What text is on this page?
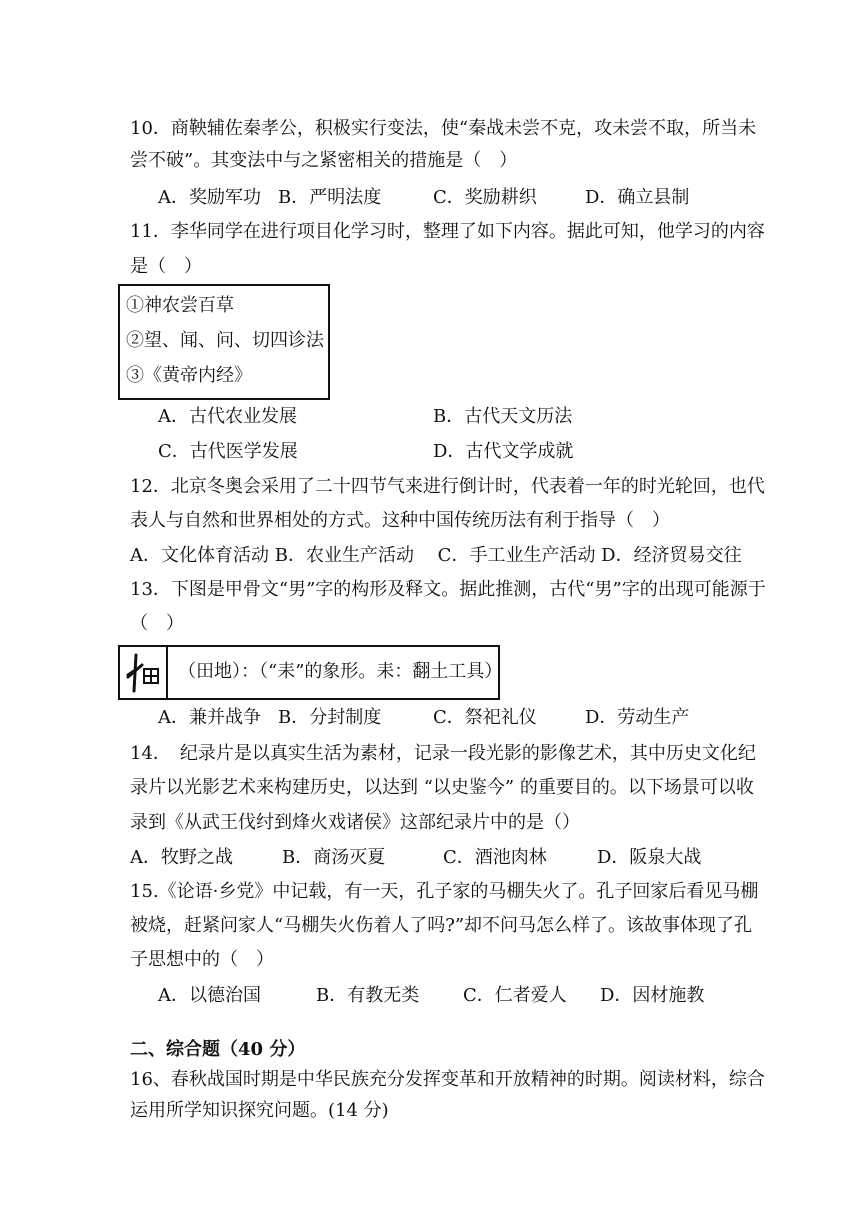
10．商鞅辅佐秦孝公，积极实行变法，使“秦战未尝不克，攻未尝不取，所当未
尝不破”。其变法中与之紧密相关的措施是（　）
A．奖励军功 B．严明法度	C．奖励耕织	D．确立县制
11．李华同学在进行项目化学习时，整理了如下内容。据此可知，他学习的内容
是（　）
①神农尝百草
②望、闻、问、切四诊法
③《黄帝内经》
A．古代农业发展	B．古代天文历法
C．古代医学发展	D．古代文学成就
12．北京冬奥会采用了二十四节气来进行倒计时，代表着一年的时光轮回，也代
表人与自然和世界相处的方式。这种中国传统历法有利于指导（　）
A．文化体育活动 B．农业生产活动　 C．手工业生产活动 D．经济贸易交往
13．下图是甲骨文“男”字的构形及释文。据此推测，古代“男”字的出现可能源于
（　）
（田地）：（“耒”的象形。耒：翻土工具）
A．兼并战争 B．分封制度	C．祭祀礼仪	D．劳动生产
14．　纪录片是以真实生活为素材，记录一段光影的影像艺术，其中历史文化纪
录片以光影艺术来构建历史，以达到 “以史鉴今” 的重要目的。以下场景可以收
录到《从武王伐纣到烽火戏诸侯》这部纪录片中的是（）
A．牧野之战	B．商汤灭夏	C．酒池肉林	D．阪泉大战
15.《论语·乡党》中记载，有一天，孔子家的马棚失火了。孔子回家后看见马棚
被烧，赶紧问家人“马棚失火伤着人了吗?”却不问马怎么样了。该故事体现了孔
子思想中的（　）
A．以德治国	B．有教无类 C．仁者爱人 D．因材施教
二、综合题（40 分）
16、春秋战国时期是中华民族充分发挥变革和开放精神的时期。阅读材料，综合
运用所学知识探究问题。(14 分)
